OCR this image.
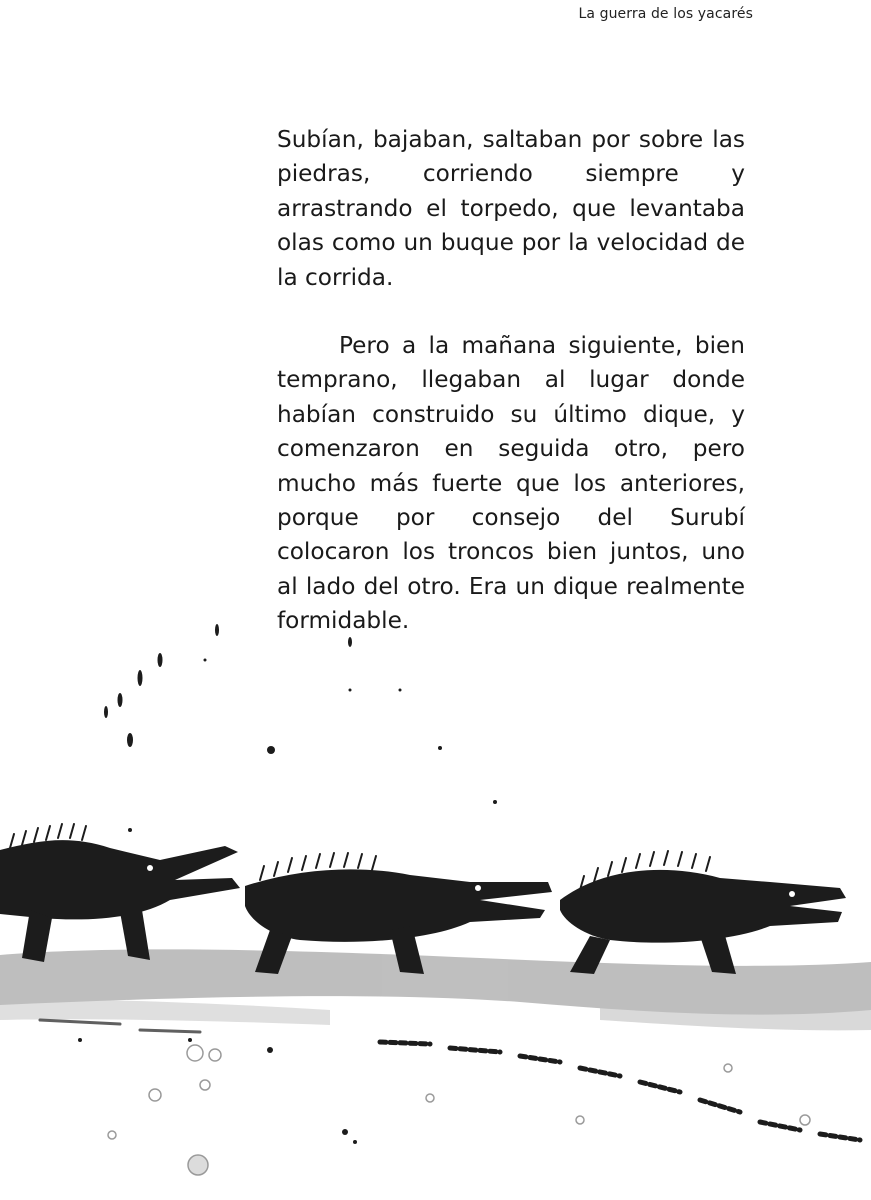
La guerra de los yacarés

Subían, bajaban, saltaban por sobre las piedras, corriendo siempre y arrastrando el torpedo, que levantaba olas como un buque por la velocidad de la corrida.

Pero a la mañana siguiente, bien temprano, llegaban al lugar donde habían construido su último dique, y comenzaron en seguida otro, pero mucho más fuerte que los anteriores, porque por consejo del Surubí colocaron los troncos bien juntos, uno al lado del otro. Era un dique realmente formidable.
